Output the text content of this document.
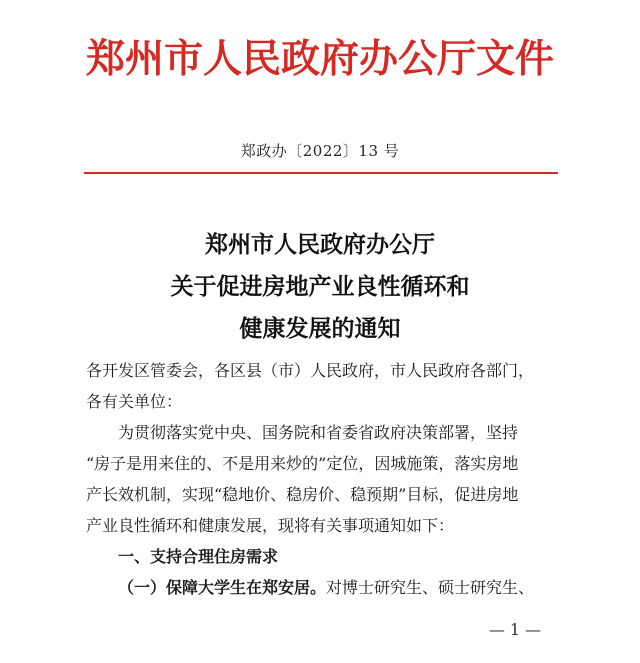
郑州市人民政府办公厅文件
郑政办〔2022〕13 号
郑州市人民政府办公厅
关于促进房地产业良性循环和
健康发展的通知

各开发区管委会，各区县（市）人民政府，市人民政府各部门，

各有关单位：

为贯彻落实党中央、国务院和省委省政府决策部署，坚持

“房子是用来住的、不是用来炒的”定位，因城施策，落实房地

产长效机制，实现“稳地价、稳房价、稳预期”目标，促进房地

产业良性循环和健康发展，现将有关事项通知如下：

一、支持合理住房需求

（一）保障大学生在郑安居。对博士研究生、硕士研究生、

— 1 —
